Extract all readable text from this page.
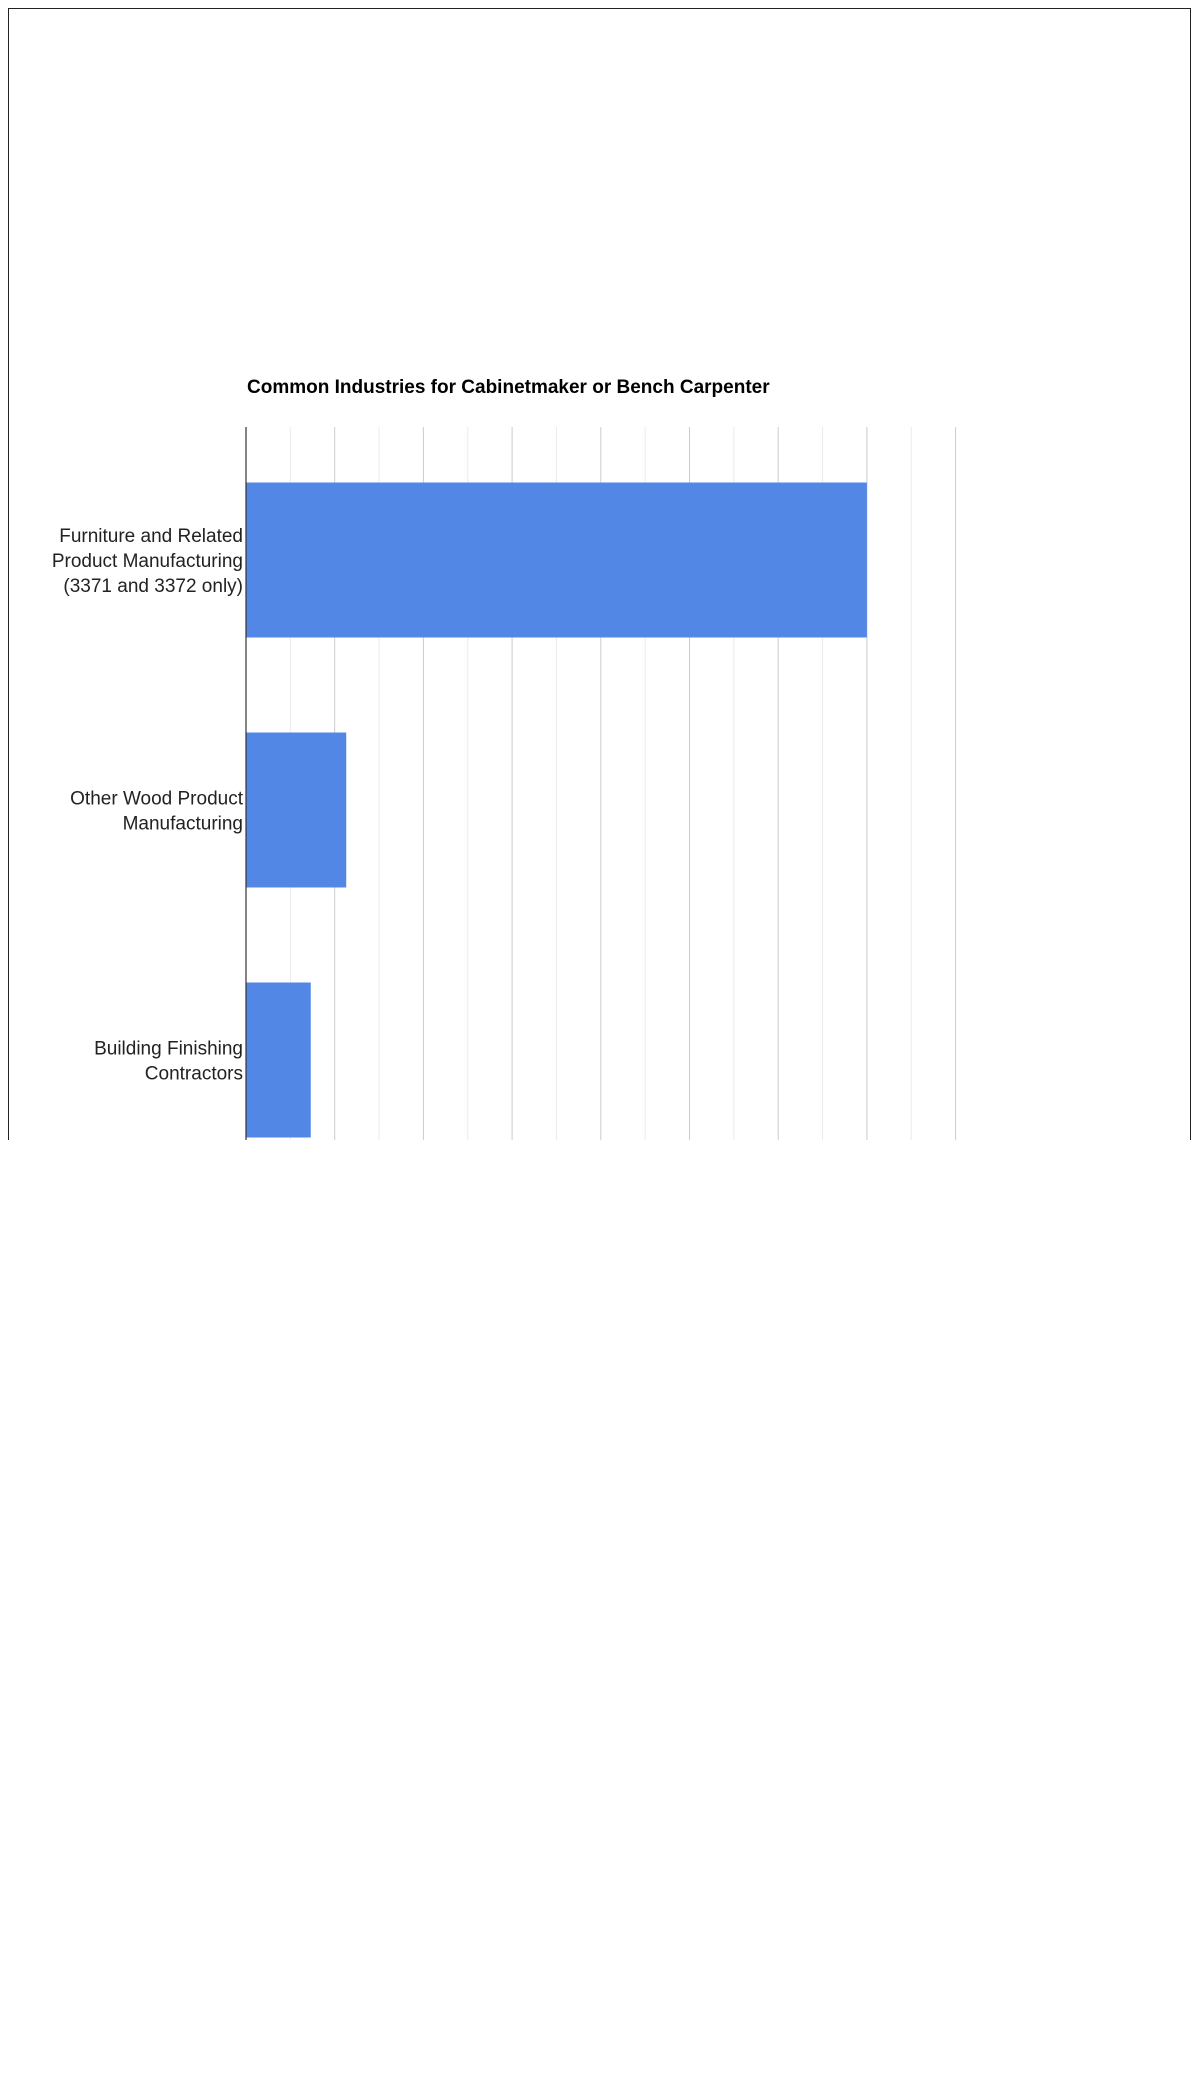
Common Industries for Cabinetmaker or Bench Carpenter
Furniture and Related Product Manufacturing (3371 and 3372 only)
Other Wood Product Manufacturing
Building Finishing Contractors
